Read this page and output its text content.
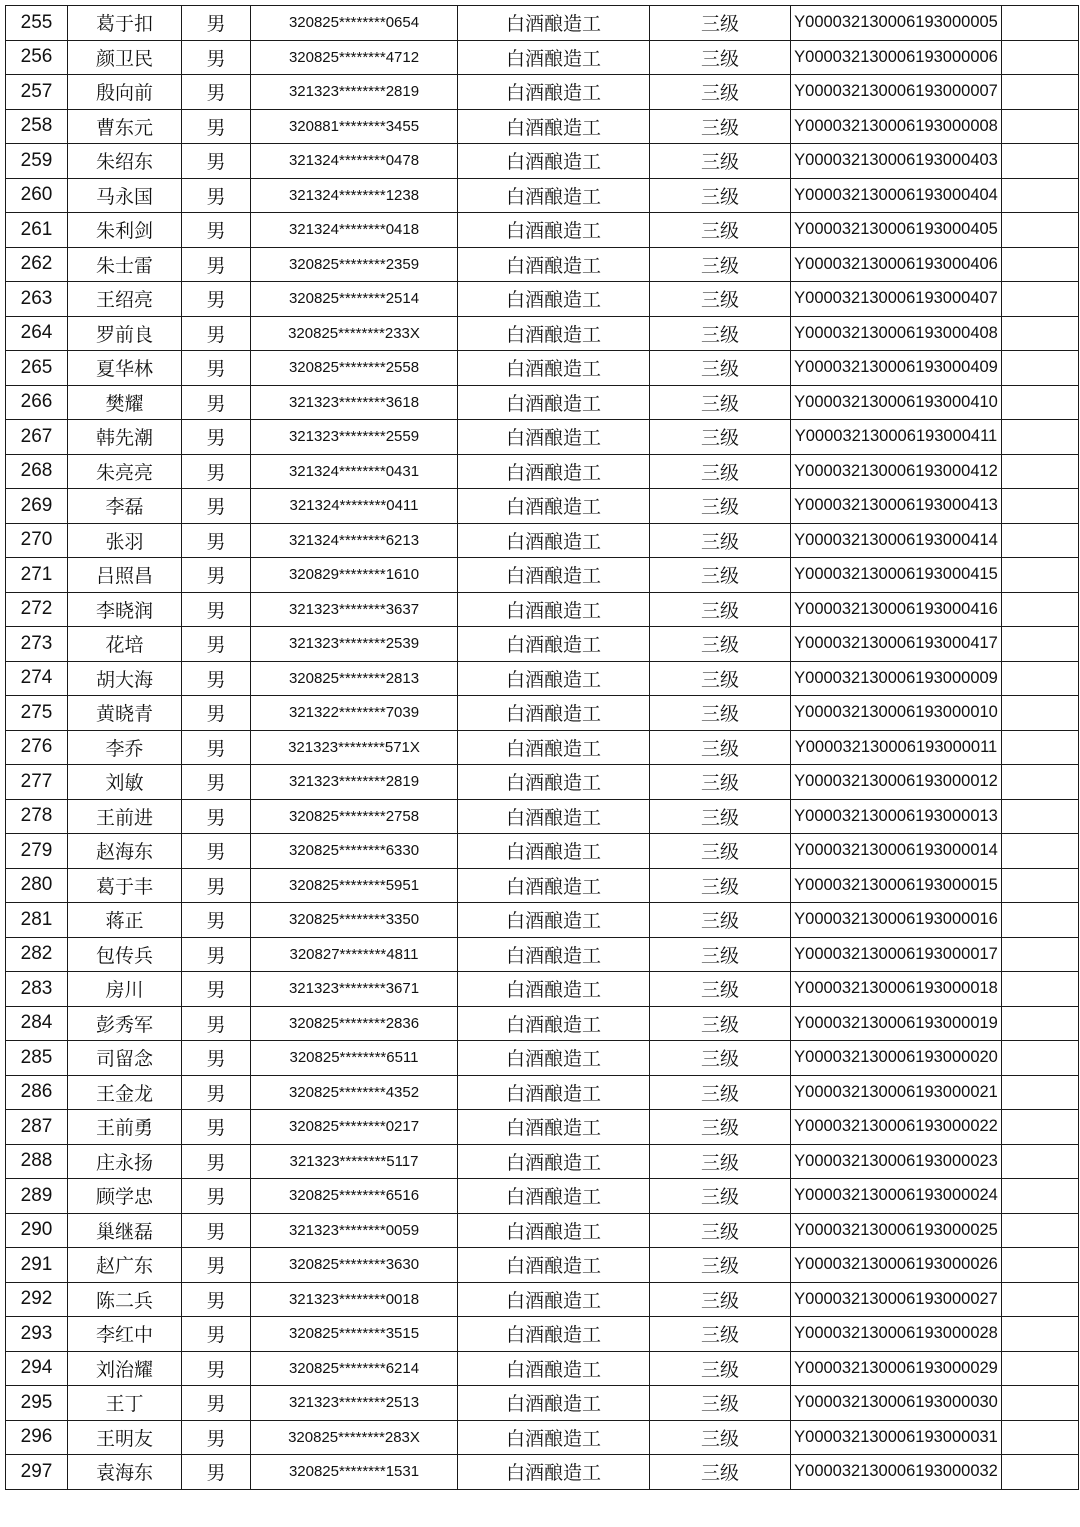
255	葛于扣	男	320825********0654	白酒酿造工	三级	Y000032130006193000005	
256	颜卫民	男	320825********4712	白酒酿造工	三级	Y000032130006193000006	
257	殷向前	男	321323********2819	白酒酿造工	三级	Y000032130006193000007	
258	曹东元	男	320881********3455	白酒酿造工	三级	Y000032130006193000008	
259	朱绍东	男	321324********0478	白酒酿造工	三级	Y000032130006193000403	
260	马永国	男	321324********1238	白酒酿造工	三级	Y000032130006193000404	
261	朱利剑	男	321324********0418	白酒酿造工	三级	Y000032130006193000405	
262	朱士雷	男	320825********2359	白酒酿造工	三级	Y000032130006193000406	
263	王绍亮	男	320825********2514	白酒酿造工	三级	Y000032130006193000407	
264	罗前良	男	320825********233X	白酒酿造工	三级	Y000032130006193000408	
265	夏华林	男	320825********2558	白酒酿造工	三级	Y000032130006193000409	
266	樊耀	男	321323********3618	白酒酿造工	三级	Y000032130006193000410	
267	韩先潮	男	321323********2559	白酒酿造工	三级	Y000032130006193000411	
268	朱亮亮	男	321324********0431	白酒酿造工	三级	Y000032130006193000412	
269	李磊	男	321324********0411	白酒酿造工	三级	Y000032130006193000413	
270	张羽	男	321324********6213	白酒酿造工	三级	Y000032130006193000414	
271	吕照昌	男	320829********1610	白酒酿造工	三级	Y000032130006193000415	
272	李晓润	男	321323********3637	白酒酿造工	三级	Y000032130006193000416	
273	花培	男	321323********2539	白酒酿造工	三级	Y000032130006193000417	
274	胡大海	男	320825********2813	白酒酿造工	三级	Y000032130006193000009	
275	黄晓青	男	321322********7039	白酒酿造工	三级	Y000032130006193000010	
276	李乔	男	321323********571X	白酒酿造工	三级	Y000032130006193000011	
277	刘敏	男	321323********2819	白酒酿造工	三级	Y000032130006193000012	
278	王前进	男	320825********2758	白酒酿造工	三级	Y000032130006193000013	
279	赵海东	男	320825********6330	白酒酿造工	三级	Y000032130006193000014	
280	葛于丰	男	320825********5951	白酒酿造工	三级	Y000032130006193000015	
281	蒋正	男	320825********3350	白酒酿造工	三级	Y000032130006193000016	
282	包传兵	男	320827********4811	白酒酿造工	三级	Y000032130006193000017	
283	房川	男	321323********3671	白酒酿造工	三级	Y000032130006193000018	
284	彭秀军	男	320825********2836	白酒酿造工	三级	Y000032130006193000019	
285	司留念	男	320825********6511	白酒酿造工	三级	Y000032130006193000020	
286	王金龙	男	320825********4352	白酒酿造工	三级	Y000032130006193000021	
287	王前勇	男	320825********0217	白酒酿造工	三级	Y000032130006193000022	
288	庄永扬	男	321323********5117	白酒酿造工	三级	Y000032130006193000023	
289	顾学忠	男	320825********6516	白酒酿造工	三级	Y000032130006193000024	
290	巢继磊	男	321323********0059	白酒酿造工	三级	Y000032130006193000025	
291	赵广东	男	320825********3630	白酒酿造工	三级	Y000032130006193000026	
292	陈二兵	男	321323********0018	白酒酿造工	三级	Y000032130006193000027	
293	李红中	男	320825********3515	白酒酿造工	三级	Y000032130006193000028	
294	刘治耀	男	320825********6214	白酒酿造工	三级	Y000032130006193000029	
295	王丁	男	321323********2513	白酒酿造工	三级	Y000032130006193000030	
296	王明友	男	320825********283X	白酒酿造工	三级	Y000032130006193000031	
297	袁海东	男	320825********1531	白酒酿造工	三级	Y000032130006193000032	
